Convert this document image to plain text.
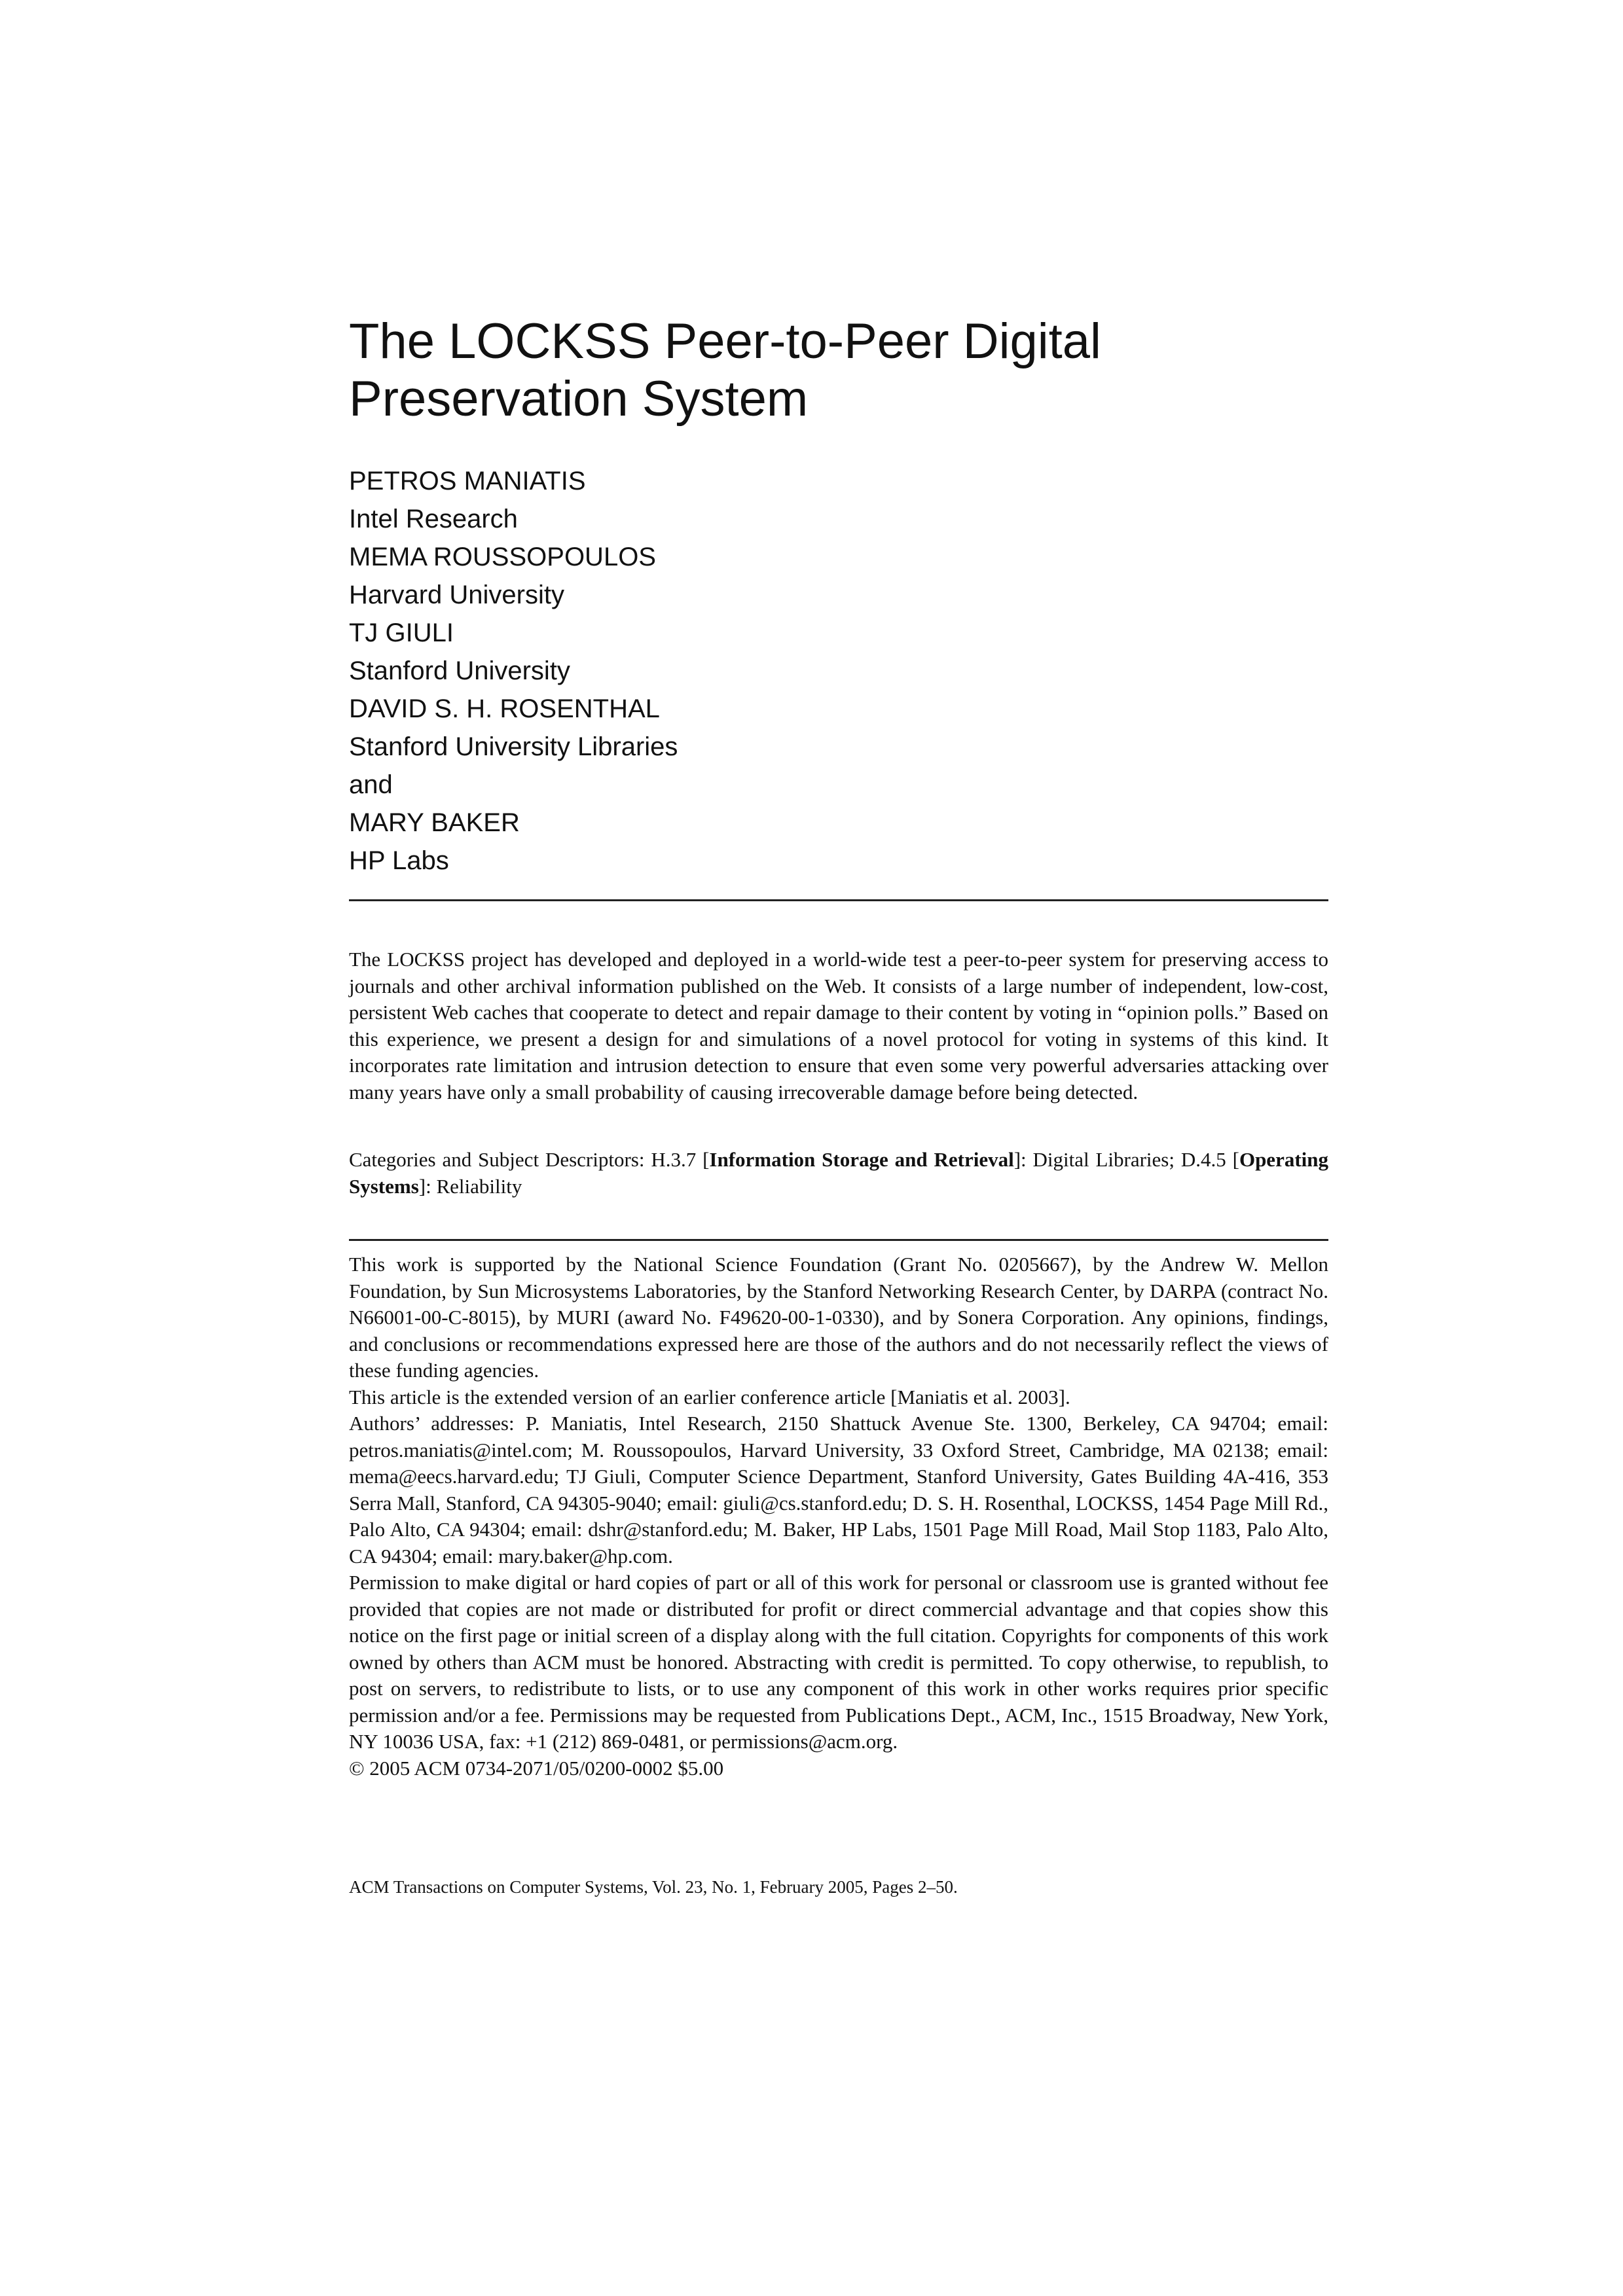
The LOCKSS Peer-to-Peer Digital
Preservation System
PETROS MANIATIS
Intel Research
MEMA ROUSSOPOULOS
Harvard University
TJ GIULI
Stanford University
DAVID S. H. ROSENTHAL
Stanford University Libraries
and
MARY BAKER
HP Labs

The LOCKSS project has developed and deployed in a world-wide test a peer-to-peer system for preserving access to journals and other archival information published on the Web. It consists of a large number of independent, low-cost, persistent Web caches that cooperate to detect and repair damage to their content by voting in “opinion polls.” Based on this experience, we present a design for and simulations of a novel protocol for voting in systems of this kind. It incorporates rate limitation and intrusion detection to ensure that even some very powerful adversaries attacking over many years have only a small probability of causing irrecoverable damage before being detected.

Categories and Subject Descriptors: H.3.7 [Information Storage and Retrieval]: Digital Libraries; D.4.5 [Operating Systems]: Reliability

This work is supported by the National Science Foundation (Grant No. 0205667), by the Andrew W. Mellon Foundation, by Sun Microsystems Laboratories, by the Stanford Networking Research Center, by DARPA (contract No. N66001-00-C-8015), by MURI (award No. F49620-00-1-0330), and by Sonera Corporation. Any opinions, findings, and conclusions or recommendations expressed here are those of the authors and do not necessarily reflect the views of these funding agencies.

This article is the extended version of an earlier conference article [Maniatis et al. 2003].

Authors’ addresses: P. Maniatis, Intel Research, 2150 Shattuck Avenue Ste. 1300, Berkeley, CA 94704; email: petros.maniatis@intel.com; M. Roussopoulos, Harvard University, 33 Oxford Street, Cambridge, MA 02138; email: mema@eecs.harvard.edu; TJ Giuli, Computer Science Department, Stanford University, Gates Building 4A-416, 353 Serra Mall, Stanford, CA 94305-9040; email: giuli@cs.stanford.edu; D. S. H. Rosenthal, LOCKSS, 1454 Page Mill Rd., Palo Alto, CA 94304; email: dshr@stanford.edu; M. Baker, HP Labs, 1501 Page Mill Road, Mail Stop 1183, Palo Alto, CA 94304; email: mary.baker@hp.com.

Permission to make digital or hard copies of part or all of this work for personal or classroom use is granted without fee provided that copies are not made or distributed for profit or direct commercial advantage and that copies show this notice on the first page or initial screen of a display along with the full citation. Copyrights for components of this work owned by others than ACM must be honored. Abstracting with credit is permitted. To copy otherwise, to republish, to post on servers, to redistribute to lists, or to use any component of this work in other works requires prior specific permission and/or a fee. Permissions may be requested from Publications Dept., ACM, Inc., 1515 Broadway, New York, NY 10036 USA, fax: +1 (212) 869-0481, or permissions@acm.org.

© 2005 ACM 0734-2071/05/0200-0002 $5.00

ACM Transactions on Computer Systems, Vol. 23, No. 1, February 2005, Pages 2–50.
